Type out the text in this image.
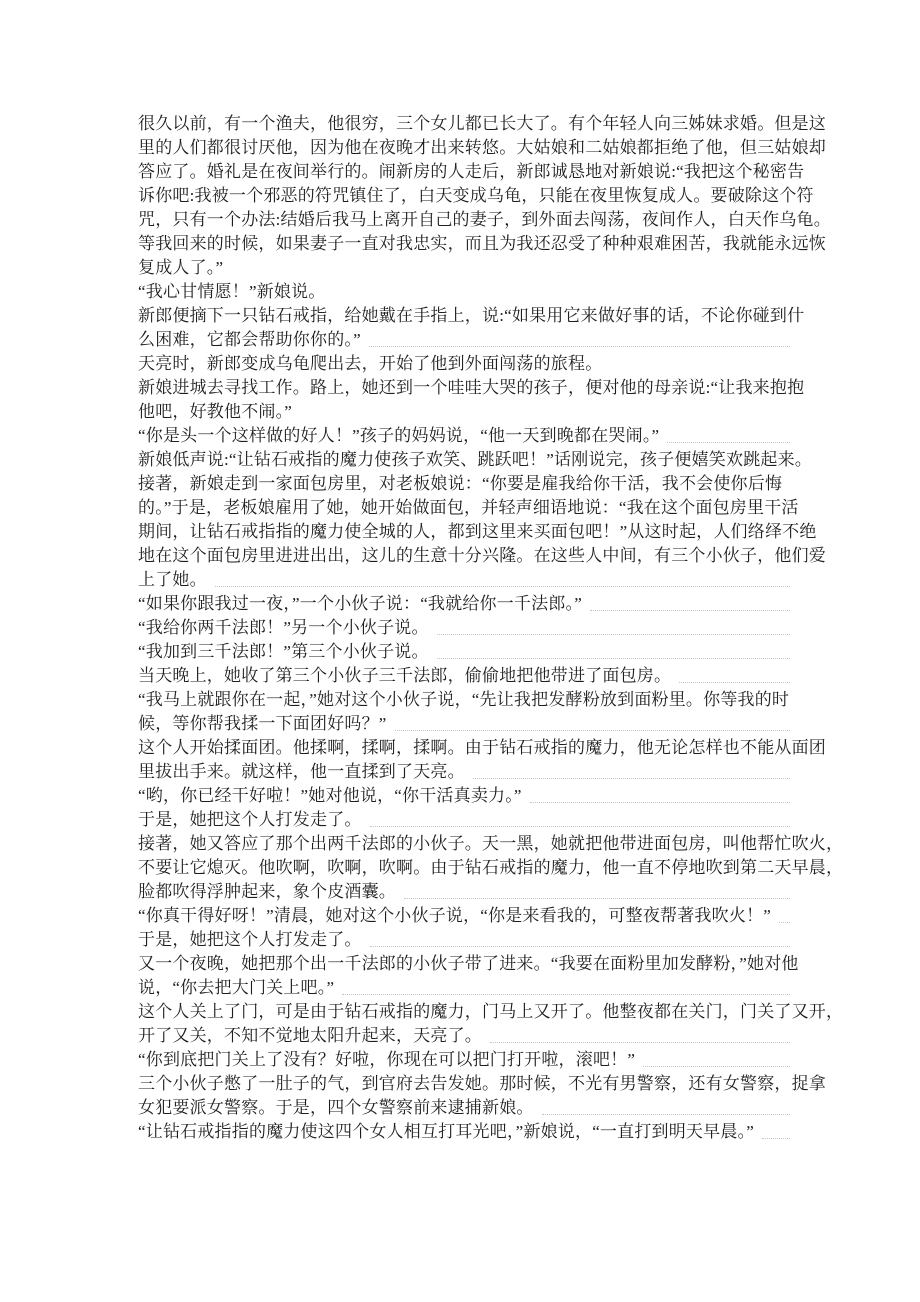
很久以前，有一个渔夫，他很穷，三个女儿都已长大了。有个年轻人向三姊妹求婚。但是这
里的人们都很讨厌他，因为他在夜晚才出来转悠。大姑娘和二姑娘都拒绝了他，但三姑娘却
答应了。婚礼是在夜间举行的。闹新房的人走后，新郎诚恳地对新娘说:“我把这个秘密告
诉你吧:我被一个邪恶的符咒镇住了，白天变成乌龟，只能在夜里恢复成人。要破除这个符
咒，只有一个办法:结婚后我马上离开自己的妻子，到外面去闯荡，夜间作人，白天作乌龟。
等我回来的时候，如果妻子一直对我忠实，而且为我还忍受了种种艰难困苦，我就能永远恢
复成人了。”
“我心甘情愿！”新娘说。
新郎便摘下一只钻石戒指，给她戴在手指上，说:“如果用它来做好事的话，不论你碰到什
么困难，它都会帮助你你的。”
天亮时，新郎变成乌龟爬出去，开始了他到外面闯荡的旅程。
新娘进城去寻找工作。路上，她还到一个哇哇大哭的孩子，便对他的母亲说:“让我来抱抱
他吧，好教他不闹。”
“你是头一个这样做的好人！”孩子的妈妈说，“他一天到晚都在哭闹。”
新娘低声说:“让钻石戒指的魔力使孩子欢笑、跳跃吧！”话刚说完，孩子便嬉笑欢跳起来。
接著，新娘走到一家面包房里，对老板娘说：“你要是雇我给你干活，我不会使你后悔
的。”于是，老板娘雇用了她，她开始做面包，并轻声细语地说：“我在这个面包房里干活
期间，让钻石戒指指的魔力使全城的人，都到这里来买面包吧！”从这时起，人们络绎不绝
地在这个面包房里进进出出，这儿的生意十分兴隆。在这些人中间，有三个小伙子，他们爱
上了她。
“如果你跟我过一夜，”一个小伙子说：“我就给你一千法郎。”
“我给你两千法郎！”另一个小伙子说。
“我加到三千法郎！”第三个小伙子说。
当天晚上，她收了第三个小伙子三千法郎，偷偷地把他带进了面包房。
“我马上就跟你在一起，”她对这个小伙子说，“先让我把发酵粉放到面粉里。你等我的时
候，等你帮我揉一下面团好吗？”
这个人开始揉面团。他揉啊，揉啊，揉啊。由于钻石戒指的魔力，他无论怎样也不能从面团
里拔出手来。就这样，他一直揉到了天亮。
“哟，你已经干好啦！”她对他说，“你干活真卖力。”
于是，她把这个人打发走了。
接著，她又答应了那个出两千法郎的小伙子。天一黑，她就把他带进面包房，叫他帮忙吹火，
不要让它熄灭。他吹啊，吹啊，吹啊。由于钻石戒指的魔力，他一直不停地吹到第二天早晨，
脸都吹得浮肿起来，象个皮酒囊。
“你真干得好呀！”清晨，她对这个小伙子说，“你是来看我的，可整夜帮著我吹火！”
于是，她把这个人打发走了。
又一个夜晚，她把那个出一千法郎的小伙子带了进来。“我要在面粉里加发酵粉，”她对他
说，“你去把大门关上吧。”
这个人关上了门，可是由于钻石戒指的魔力，门马上又开了。他整夜都在关门，门关了又开，
开了又关，不知不觉地太阳升起来，天亮了。
“你到底把门关上了没有？好啦，你现在可以把门打开啦，滚吧！”
三个小伙子憋了一肚子的气，到官府去告发她。那时候，不光有男警察，还有女警察，捉拿
女犯要派女警察。于是，四个女警察前来逮捕新娘。
“让钻石戒指指的魔力使这四个女人相互打耳光吧，”新娘说，“一直打到明天早晨。”
